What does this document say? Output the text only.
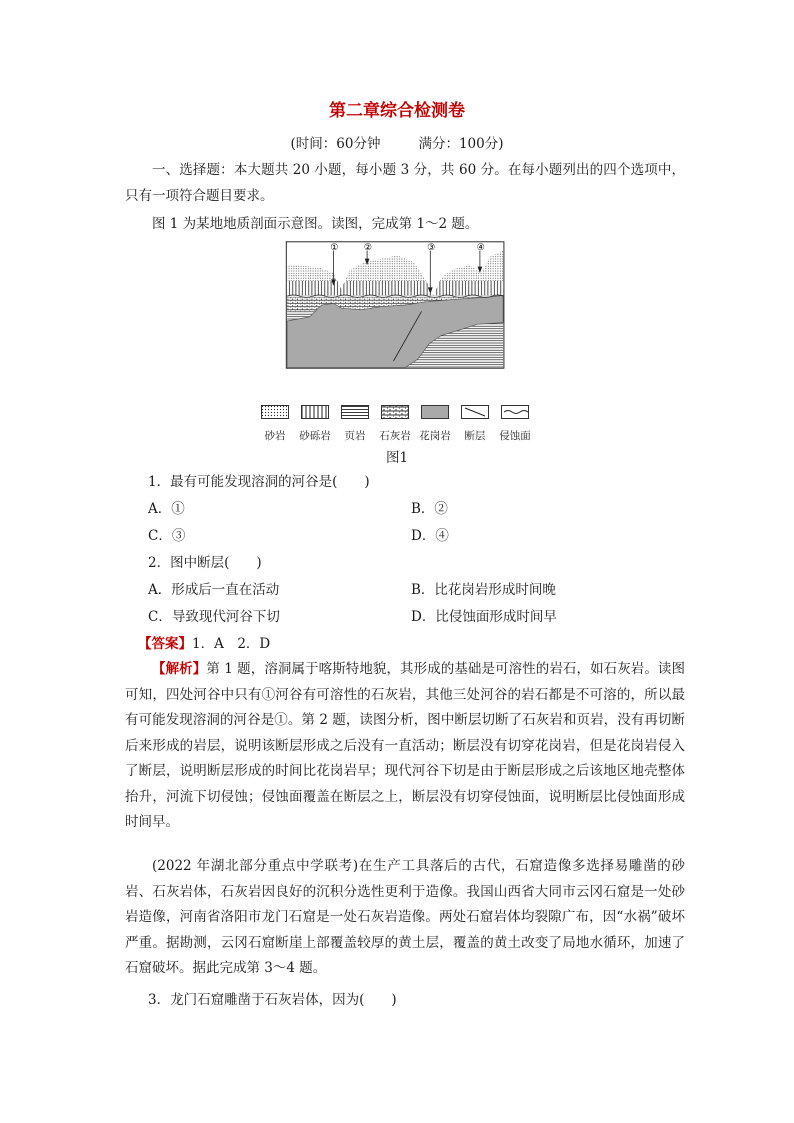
第二章综合检测卷
(时间：60分钟	满分：100分)

一、选择题：本大题共 20 小题，每小题 3 分，共 60 分。在每小题列出的四个选项中，只有一项符合题目要求。

图 1 为某地地质剖面示意图。读图，完成第 1～2 题。

① ②	③	④
砂岩	砂砾岩	页岩	石灰岩 花岗岩	断层	侵蚀面
图1
1．最有可能发现溶洞的河谷是(　　)
A．①	B．②
C．③	D．④
2．图中断层(　　)
A．形成后一直在活动	B．比花岗岩形成时间晚
C．导致现代河谷下切	D．比侵蚀面形成时间早
【答案】1．A　2．D

【解析】第 1 题，溶洞属于喀斯特地貌，其形成的基础是可溶性的岩石，如石灰岩。读图可知，四处河谷中只有①河谷有可溶性的石灰岩，其他三处河谷的岩石都是不可溶的，所以最有可能发现溶洞的河谷是①。第 2 题，读图分析，图中断层切断了石灰岩和页岩，没有再切断后来形成的岩层，说明该断层形成之后没有一直活动；断层没有切穿花岗岩，但是花岗岩侵入了断层，说明断层形成的时间比花岗岩早；现代河谷下切是由于断层形成之后该地区地壳整体抬升，河流下切侵蚀；侵蚀面覆盖在断层之上，断层没有切穿侵蚀面，说明断层比侵蚀面形成时间早。

(2022 年湖北部分重点中学联考)在生产工具落后的古代，石窟造像多选择易雕凿的砂岩、石灰岩体，石灰岩因良好的沉积分选性更利于造像。我国山西省大同市云冈石窟是一处砂岩造像，河南省洛阳市龙门石窟是一处石灰岩造像。两处石窟岩体均裂隙广布，因“水祸”破坏严重。据勘测，云冈石窟断崖上部覆盖较厚的黄土层，覆盖的黄土改变了局地水循环，加速了石窟破坏。据此完成第 3～4 题。

3．龙门石窟雕凿于石灰岩体，因为(　　)
